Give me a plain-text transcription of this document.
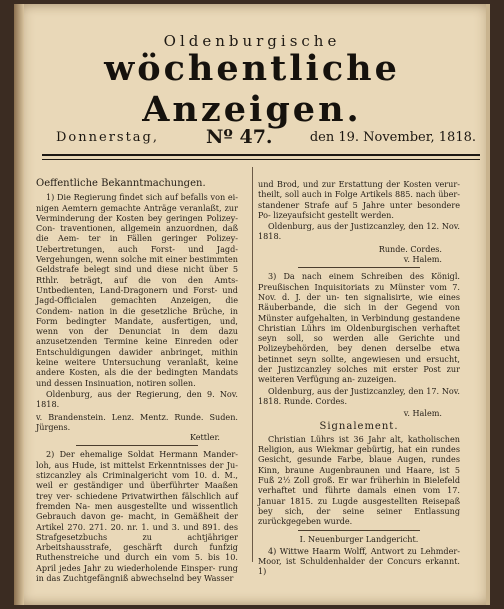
Oldenburgische
wöchentliche Anzeigen.
Donnerstag, Nº 47.	den 19. November, 1818.
Oeffentliche Bekanntmachungen.

1) Die Regierung findet sich auf befalls von ei- nigen Aemtern gemachte Anträge veranlaßt, zur Verminderung der Kosten bey geringen Polizey-Con- traventionen, allgemein anzuordnen, daß die Aem- ter in Fällen geringer Polizey-Uebertretungen, auch Forst- und Jagd-Vergehungen, wenn solche mit einer bestimmten Geldstrafe belegt sind und diese nicht über 5 Rthlr. beträgt, auf die von den Amts- Untbedienten, Land-Dragonern und Forst- und Jagd-Officialen gemachten Anzeigen, die Condem- nation in die gesetzliche Brüche, in Form bedingter Mandate, ausfertigen, und, wenn von der Denunciat in dem dazu anzusetzenden Termine keine Einreden oder Entschuldigungen dawider anbringet, mithin keine weitere Untersuchung veranlaßt, keine andere Kosten, als die der bedingten Mandats und dessen Insinuation, notiren sollen.

Oldenburg, aus der Regierung, den 9. Nov. 1818.

v. Brandenstein. Lenz. Mentz. Runde. Suden. Jürgens.

Kettler.

2) Der ehemalige Soldat Hermann Mander- loh, aus Hude, ist mittelst Erkenntnisses der Ju- stizcanzley als Criminalgericht vom 10. d. M., weil er geständiger und überführter Maaßen trey ver- schiedene Privatwirthen fälschlich auf fremden Na- men ausgestellte und wissentlich Gebrauch davon ge- macht, in Gemäßheit der Artikel 270. 271. 20. nr. 1. und 3. und 891. des Strafgesetzbuchs zu achtjähriger Arbeitshausstrafe, geschärft durch funfzig Ruthenstreiche und durch ein vom 5. bis 10. April jedes Jahr zu wiederholende Einsper- rung in das Zuchtgefängniß abwechselnd bey Wasser

und Brod, und zur Erstattung der Kosten verur- theilt, soll auch in Folge Artikels 885. nach über- standener Strafe auf 5 Jahre unter besondere Po- lizeyaufsicht gestellt werden.

Oldenburg, aus der Justizcanzley, den 12. Nov. 1818.

Runde. Cordes.
v. Halem.

3) Da nach einem Schreiben des Königl. Preußischen Inquisitoriats zu Münster vom 7. Nov. d. J. der un- ten signalisirte, wie eines Räuberbande, die sich in der Gegend von Münster aufgehalten, in Verbindung gestandene Christian Lührs im Oldenburgischen verhaftet seyn soll, so werden alle Gerichte und Polizeybehörden, bey denen derselbe etwa betinnet seyn sollte, angewiesen und ersucht, der Justizcanzley solches mit erster Post zur weiteren Verfügung an- zuzeigen.

Oldenburg, aus der Justizcanzley, den 17. Nov. 1818. Runde. Cordes.

v. Halem.
Signalement.

Christian Lührs ist 36 Jahr alt, katholischen Religion, aus Wiekmar gebürtig, hat ein rundes Gesicht, gesunde Farbe, blaue Augen, rundes Kinn, braune Augenbraunen und Haare, ist 5 Fuß 2½ Zoll groß. Er war früherhin in Bielefeld verhaftet und führte damals einen vom 17. Januar 1815. zu Lugde ausgestellten Reisepaß bey sich, der seine seiner Entlassung zurückgegeben wurde.

I. Neuenburger Landgericht.

4) Wittwe Haarm Wolff, Antwort zu Lehmder- Moor, ist Schuldenhalder der Concurs erkannt. 1)
